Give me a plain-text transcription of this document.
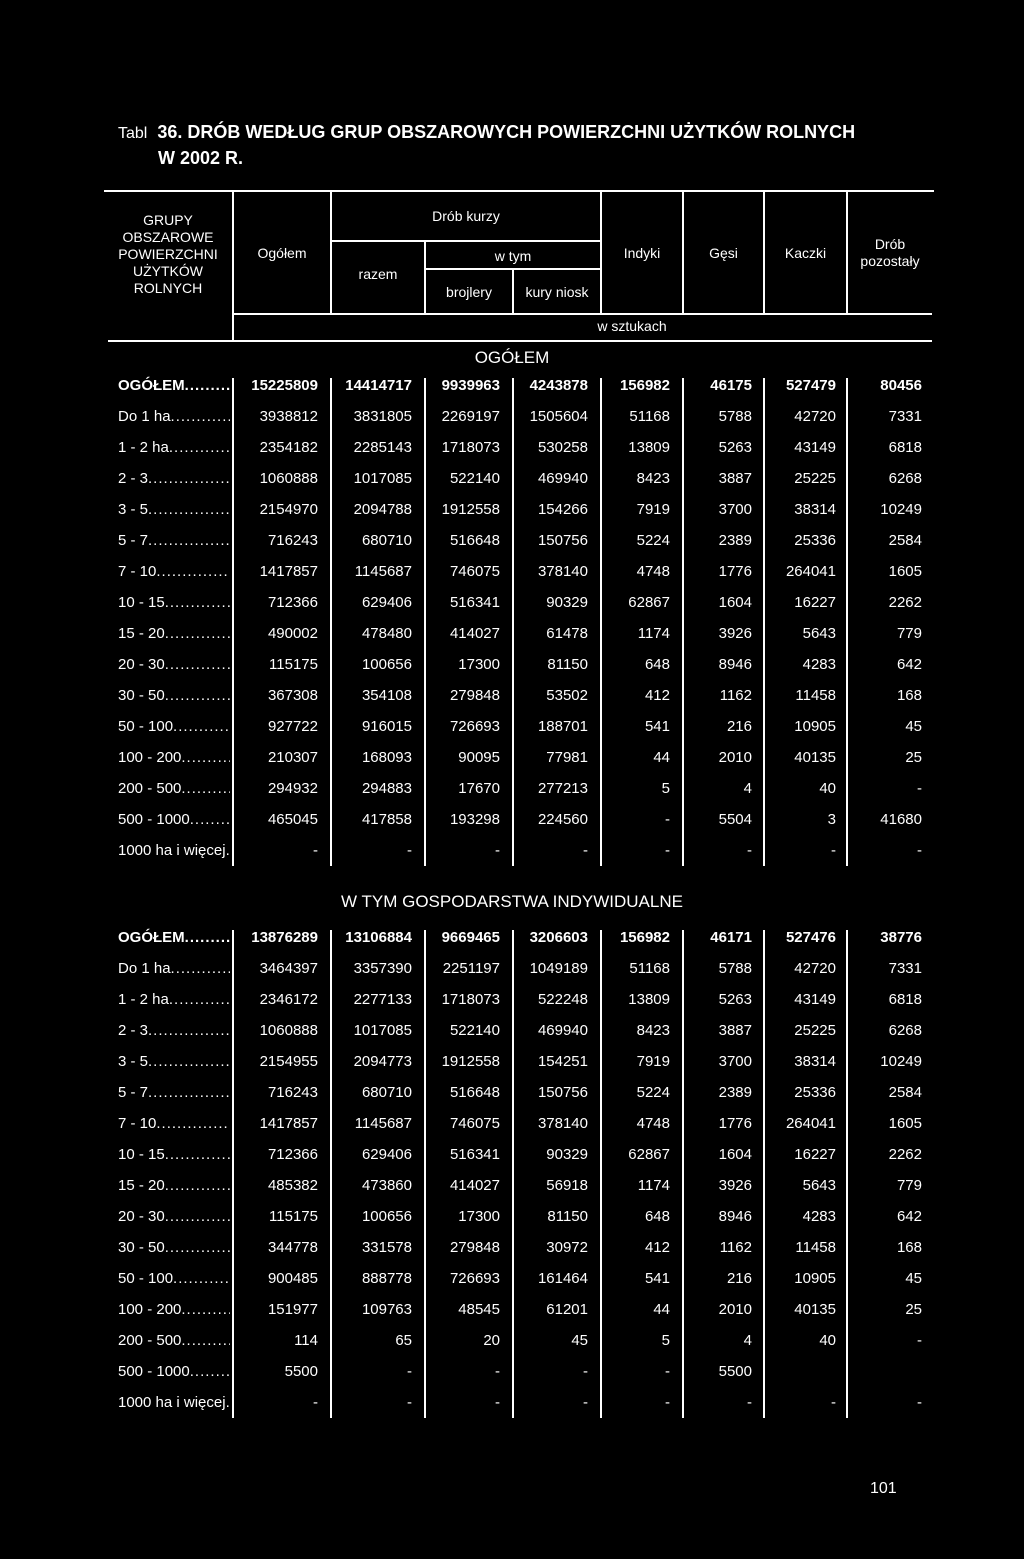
Tabl 36. DRÓB WEDŁUG GRUP OBSZAROWYCH POWIERZCHNI UŻYTKÓW ROLNYCH
W 2002 R.
GRUPY OBSZAROWE POWIERZCHNI UŻYTKÓW ROLNYCH
Ogółem
Drób kurzy
razem
w tym
brojlery	kury niosk
Indyki	Gęsi	Kaczki
Drób pozostały
w sztukach
OGÓŁEM
OGÓŁEM .....	15225809	14414717	9939963	4243878	156982	46175	527479	80456
Do 1 ha .....	3938812	3831805	2269197	1505604	51168	5788	42720	7331
1 - 2 ha .....	2354182	2285143	1718073	530258	13809	5263	43149	6818
2 - 3 .....	1060888	1017085	522140	469940	8423	3887	25225	6268
3 - 5 .....	2154970	2094788	1912558	154266	7919	3700	38314	10249
5 - 7 .....	716243	680710	516648	150756	5224	2389	25336	2584
7 - 10 .....	1417857	1145687	746075	378140	4748	1776	264041	1605
10 - 15 .....	712366	629406	516341	90329	62867	1604	16227	2262
15 - 20 .....	490002	478480	414027	61478	1174	3926	5643	779
20 - 30 .....	115175	100656	17300	81150	648	8946	4283	642
30 - 50 .....	367308	354108	279848	53502	412	1162	11458	168
50 - 100 .....	927722	916015	726693	188701	541	216	10905	45
100 - 200 .....	210307	168093	90095	77981	44	2010	40135	25
200 - 500 .....	294932	294883	17670	277213	5	4	40	-
500 - 1000 .....	465045	417858	193298	224560	-	5504	3	41680
1000 ha i więcej .....	-	-	-	-	-	-	-	-
W TYM GOSPODARSTWA INDYWIDUALNE
OGÓŁEM .....	13876289	13106884	9669465	3206603	156982	46171	527476	38776
Do 1 ha .....	3464397	3357390	2251197	1049189	51168	5788	42720	7331
1 - 2 ha .....	2346172	2277133	1718073	522248	13809	5263	43149	6818
2 - 3 .....	1060888	1017085	522140	469940	8423	3887	25225	6268
3 - 5 .....	2154955	2094773	1912558	154251	7919	3700	38314	10249
5 - 7 .....	716243	680710	516648	150756	5224	2389	25336	2584
7 - 10 .....	1417857	1145687	746075	378140	4748	1776	264041	1605
10 - 15 .....	712366	629406	516341	90329	62867	1604	16227	2262
15 - 20 .....	485382	473860	414027	56918	1174	3926	5643	779
20 - 30 .....	115175	100656	17300	81150	648	8946	4283	642
30 - 50 .....	344778	331578	279848	30972	412	1162	11458	168
50 - 100 .....	900485	888778	726693	161464	541	216	10905	45
100 - 200 .....	151977	109763	48545	61201	44	2010	40135	25
200 - 500 .....	114	65	20	45	5	4	40	-
500 - 1000 .....	5500	-	-	-	-	5500
1000 ha i więcej .....	-	-	-	-	-	-	-	-
101
